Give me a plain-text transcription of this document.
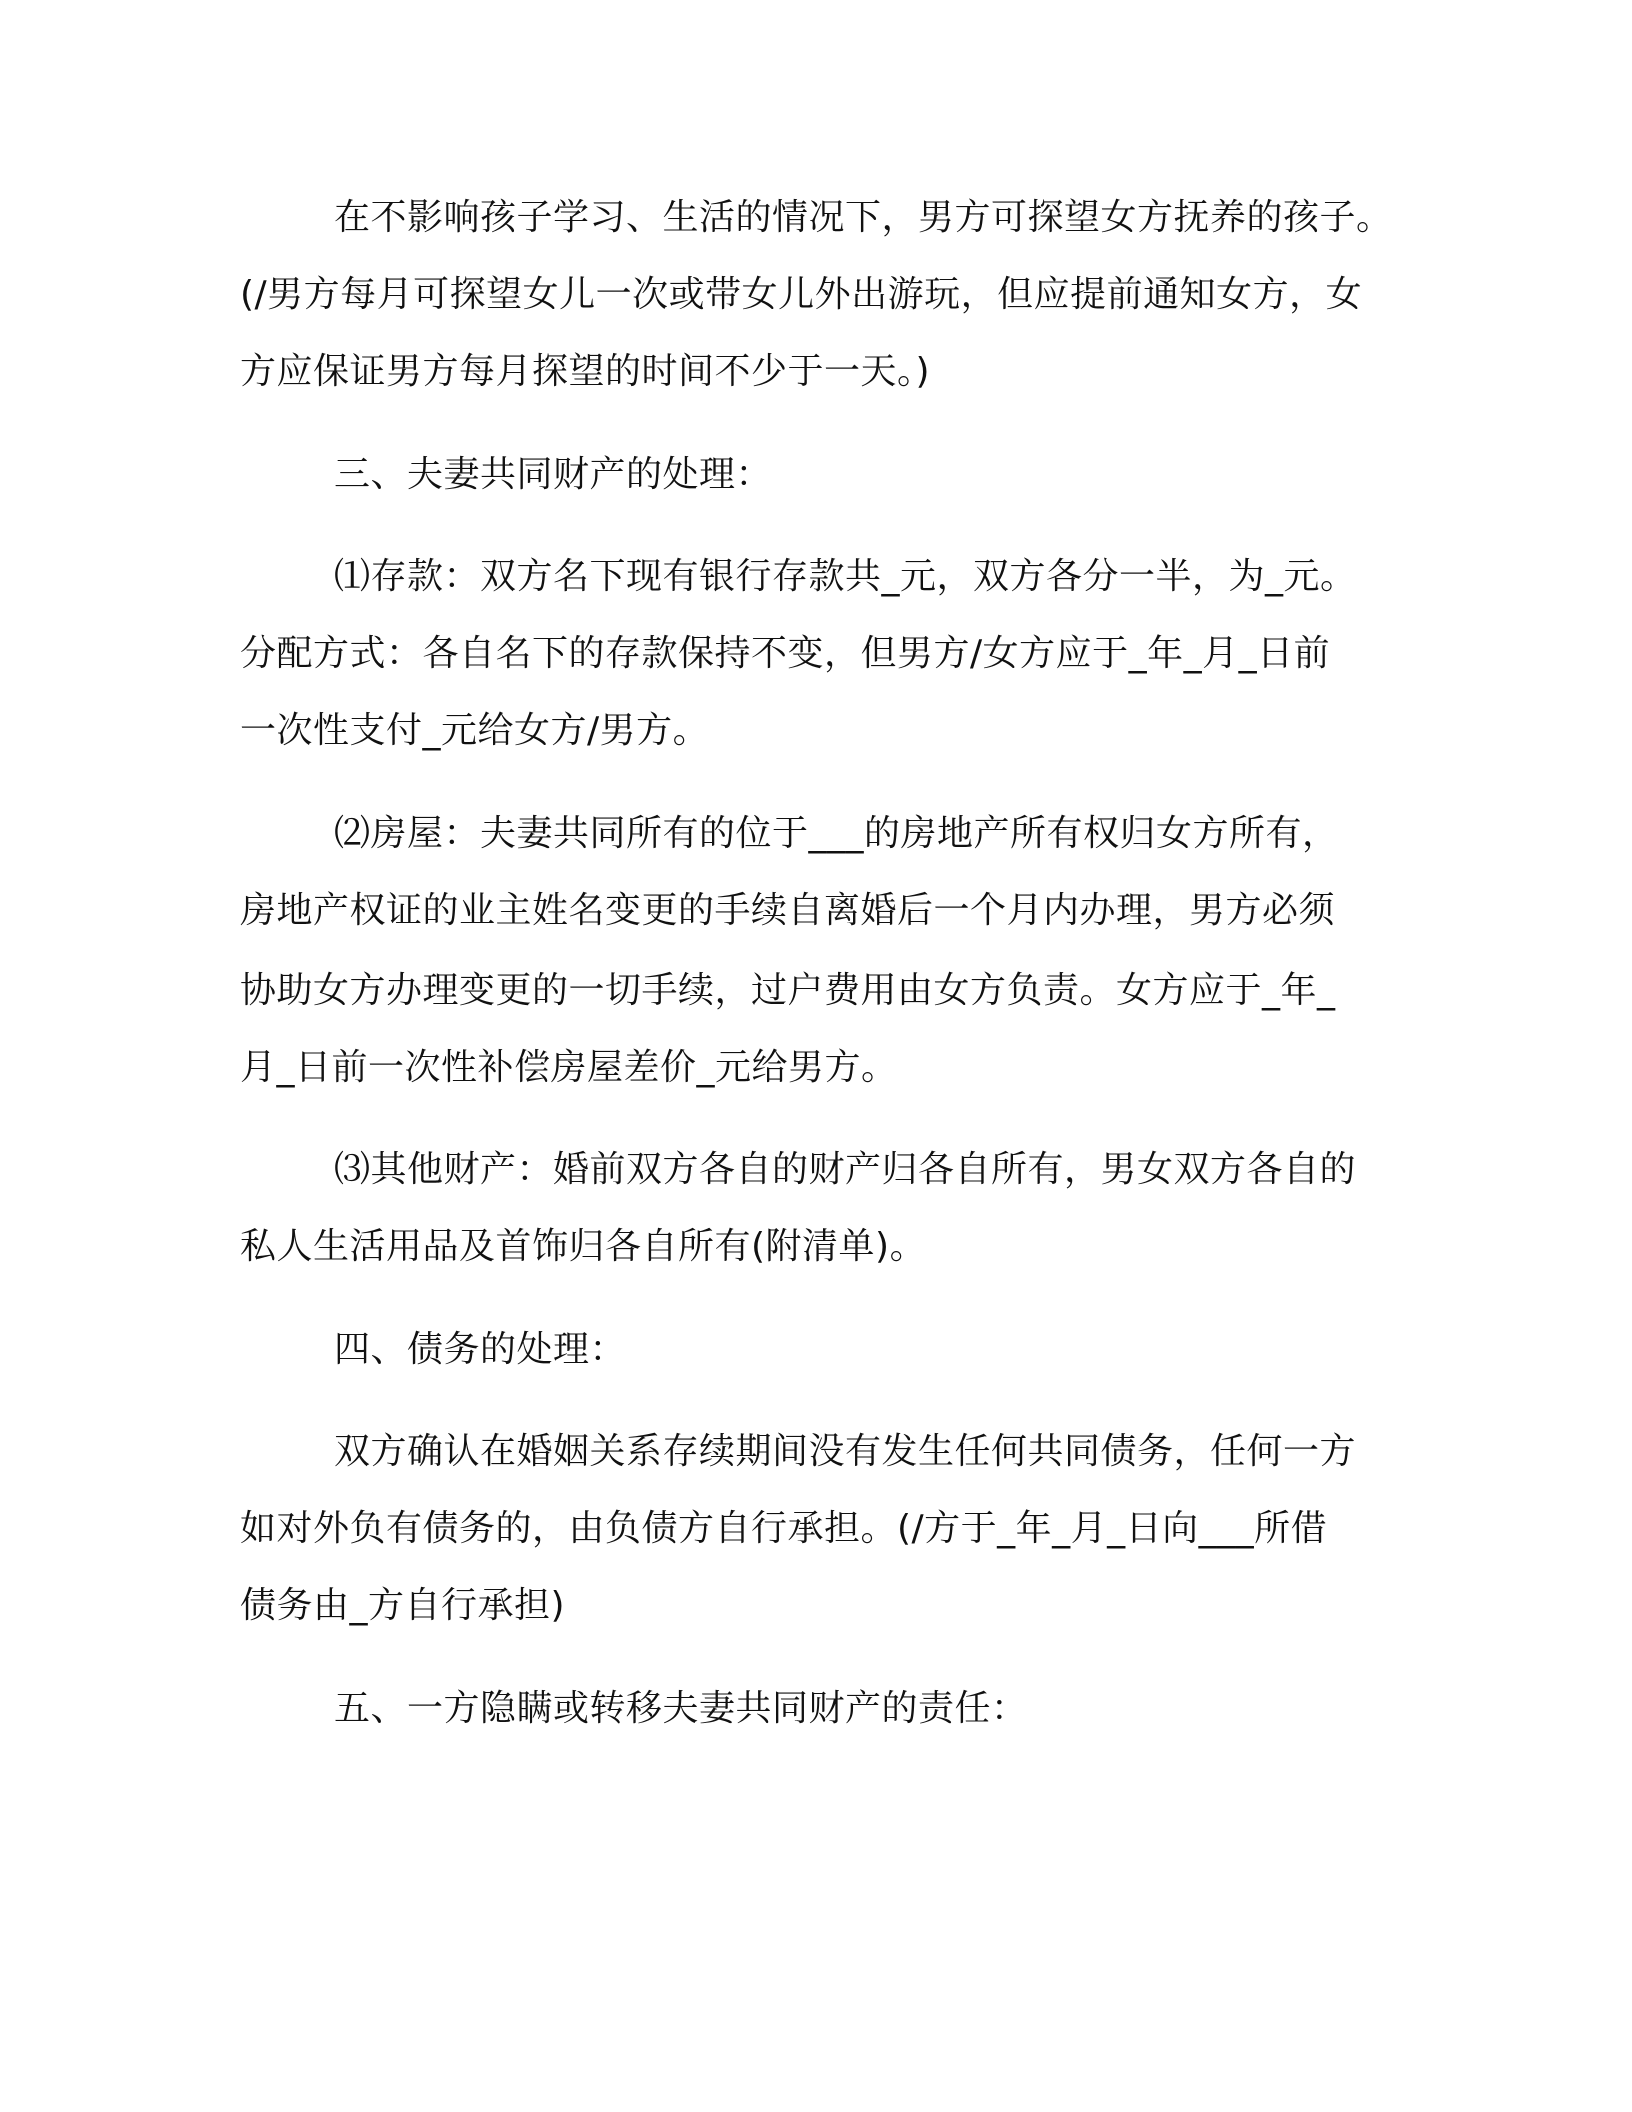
在不影响孩子学习、生活的情况下，男方可探望女方抚养的孩子。
(/男方每月可探望女儿一次或带女儿外出游玩，但应提前通知女方，女
方应保证男方每月探望的时间不少于一天。)
三、夫妻共同财产的处理：
⑴存款：双方名下现有银行存款共_元，双方各分一半，为_元。
分配方式：各自名下的存款保持不变，但男方/女方应于_年_月_日前
一次性支付_元给女方/男方。
⑵房屋：夫妻共同所有的位于___的房地产所有权归女方所有，
房地产权证的业主姓名变更的手续自离婚后一个月内办理，男方必须
协助女方办理变更的一切手续，过户费用由女方负责。女方应于_年_
月_日前一次性补偿房屋差价_元给男方。
⑶其他财产：婚前双方各自的财产归各自所有，男女双方各自的
私人生活用品及首饰归各自所有(附清单)。
四、债务的处理：
双方确认在婚姻关系存续期间没有发生任何共同债务，任何一方
如对外负有债务的，由负债方自行承担。(/方于_年_月_日向___所借
债务由_方自行承担)
五、一方隐瞒或转移夫妻共同财产的责任：
